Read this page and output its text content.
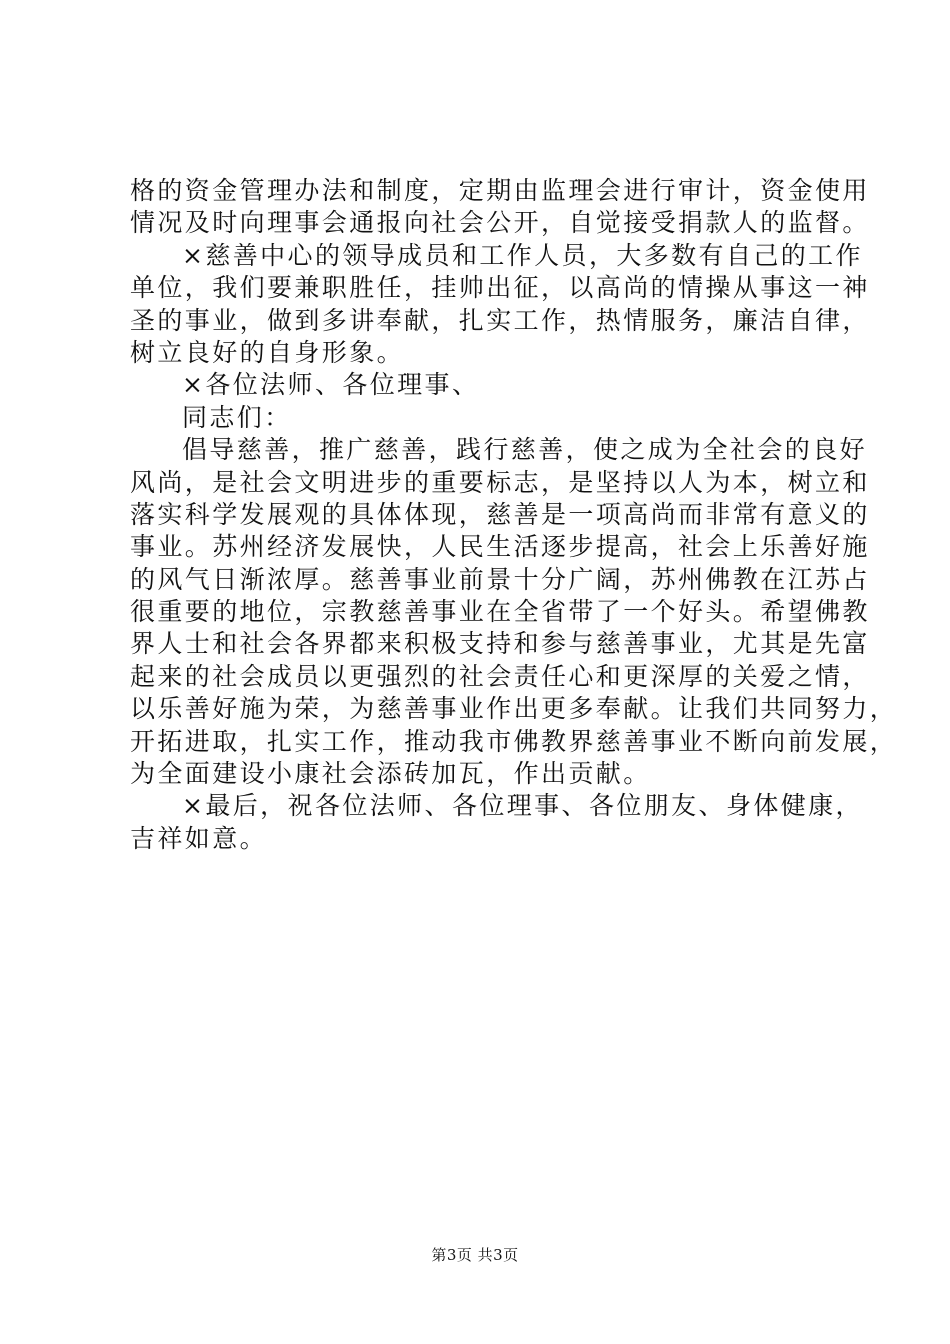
格的资金管理办法和制度，定期由监理会进行审计，资金使用
情况及时向理事会通报向社会公开，自觉接受捐款人的监督。
×慈善中心的领导成员和工作人员，大多数有自己的工作
单位，我们要兼职胜任，挂帅出征，以高尚的情操从事这一神
圣的事业，做到多讲奉献，扎实工作，热情服务，廉洁自律，
树立良好的自身形象。
×各位法师、各位理事、
同志们：
倡导慈善，推广慈善，践行慈善，使之成为全社会的良好
风尚，是社会文明进步的重要标志，是坚持以人为本，树立和
落实科学发展观的具体体现，慈善是一项高尚而非常有意义的
事业。苏州经济发展快，人民生活逐步提高，社会上乐善好施
的风气日渐浓厚。慈善事业前景十分广阔，苏州佛教在江苏占
很重要的地位，宗教慈善事业在全省带了一个好头。希望佛教
界人士和社会各界都来积极支持和参与慈善事业，尤其是先富
起来的社会成员以更强烈的社会责任心和更深厚的关爱之情，
以乐善好施为荣，为慈善事业作出更多奉献。让我们共同努力，
开拓进取，扎实工作，推动我市佛教界慈善事业不断向前发展，
为全面建设小康社会添砖加瓦，作出贡献。
×最后，祝各位法师、各位理事、各位朋友、身体健康，
吉祥如意。
第3页 共3页
